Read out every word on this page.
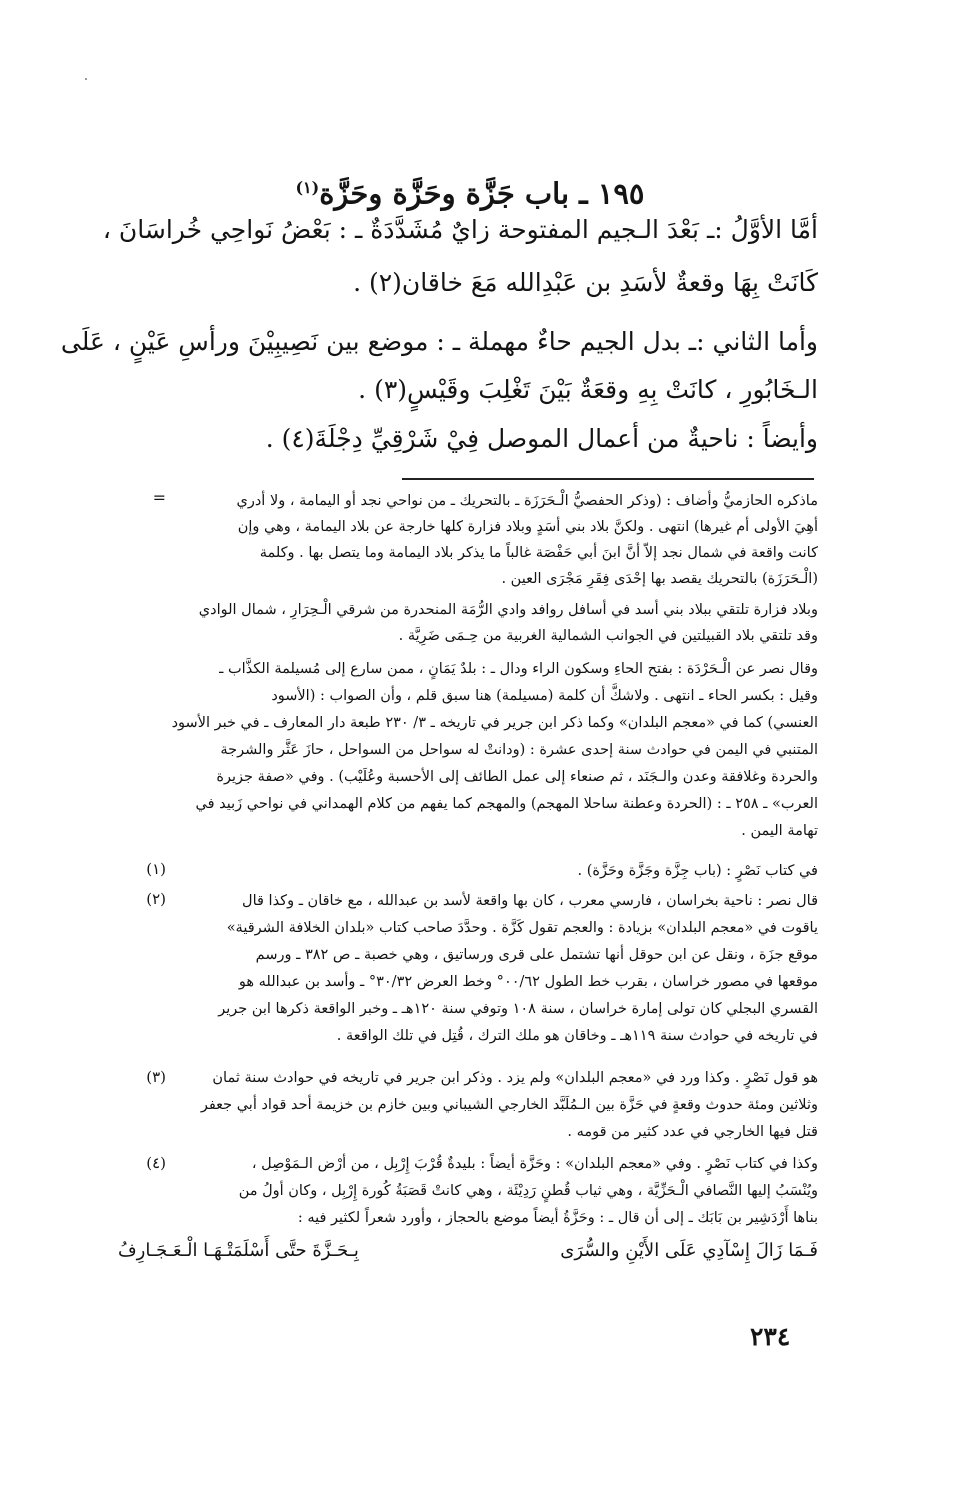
١٩٥ ـ باب جَزَّة وحَزَّة وحَزَّة$^{(١)}$
أمَّا الأوَّلُ :ـ بَعْدَ الـجيم المفتوحة زايٌ مُشَدَّدَةٌ ـ : بَعْضُ نَواحِي خُراسَانَ ،
كَانَتْ بِهَا وقعةٌ لأسَدِ بن عَبْدِالله مَعَ خاقان(٢) .
وأما الثاني :ـ بدل الجيم حاءٌ مهملة ـ : موضع بين نَصِيبِيْنَ ورأسِ عَيْنٍ ، عَلَى
الـخَابُورِ ، كانَتْ بِهِ وقعَةٌ بَيْنَ تَغْلِبَ وقَيْسٍ(٣) .
وأيضاً : ناحيةٌ من أعمال الموصل فِيْ شَرْقِيِّ دِجْلَةَ(٤) .
=	ماذكره الحازميُّ وأضاف : (وذكر الحفصيُّ الْـحَرَزَة ـ بالتحريك ـ من نواحي نجد أو اليمامة ، ولا أدري
أهِيَ الأولى أم غيرها) انتهى . ولكنَّ بلاد بني أسَدٍ وبلاد فزارة كلها خارجة عن بلاد اليمامة ، وهي وإن
كانت واقعة في شمال نجد إلاّ أنَّ ابنَ أبي حَفْصَة غالباً ما يذكر بلاد اليمامة وما يتصل بها . وكلمة
(الْـحَرَزَة) بالتحريك يقصد بها إحْدَى فِقَرِ مَجْرَى العين .
وبلاد فزارة تلتقي ببلاد بني أسد في أسافل روافد وادي الرُّمَة المنحدرة من شرقي الْـحِرَارِ ، شمال الوادي
وقد تلتقي بلاد القبيلتين في الجوانب الشمالية الغربية من حِـمَى ضَرِيَّة .
وقال نصر عن الْـحَرْدَة : بفتح الحاءِ وسكون الراء ودال ـ : بلدٌ يَمَانٍ ، ممن سارع إلى مُسيلمة الكذَّاب ـ
وقيل : بكسر الحاء ـ انتهى . ولاشكَّ أن كلمة (مسيلمة) هنا سبق قلم ، وأن الصواب : (الأسود
العنسي) كما في «معجم البلدان» وكما ذكر ابن جرير في تاريخه ـ ٣/ ٢٣٠ طبعة دار المعارف ـ في خبر الأسود
المتنبي في اليمن في حوادث سنة إحدى عشرة : (ودانتْ له سواحل من السواحل ، حازَ عَثَّر والشرجة
والحردة وغلافقة وعدن والـجَنَد ، ثم صنعاء إلى عمل الطائف إلى الأحسبة وعُلَيْب) . وفي «صفة جزيرة
العرب» ـ ٢٥٨ ـ : (الحردة وعطنة ساحلا المهجم) والمهجم كما يفهم من كلام الهمداني في نواحي زَبيد في
تهامة اليمن .
(١)	في كتاب نَصْرٍ : (باب جِزَّة وجَزَّة وحَزَّة) .
(٢)	قال نصر : ناحية بخراسان ، فارسي معرب ، كان بها واقعة لأسد بن عبدالله ، مع خاقان ـ وكذا قال
ياقوت في «معجم البلدان» بزيادة : والعجم تقول كَزَّة . وحدَّدَ صاحب كتاب «بلدان الخلافة الشرقية»
موقع جزَة ، ونقل عن ابن حوقل أنها تشتمل على قرى ورساتيق ، وهي خصبة ـ ص ٣٨٢ ـ ورسم
موقعها في مصور خراسان ، بقرب خط الطول ٠٠/٦٢° وخط العرض ٣٠/٣٢° ـ وأسد بن عبدالله هو
القسري البجلي كان تولى إمارة خراسان ، سنة ١٠٨ وتوفي سنة ١٢٠هـ ـ وخبر الواقعة ذكرها ابن جرير
في تاريخه في حوادث سنة ١١٩هـ ـ وخاقان هو ملك الترك ، قُتِل في تلك الواقعة .
(٣)	هو قول نَصْرٍ . وكذا ورد في «معجم البلدان» ولم يزد . وذكر ابن جرير في تاريخه في حوادث سنة ثمان
وثلاثين ومئة حدوث وقعةٍ في حَزَّة بين الـمُلَبَّد الخارجي الشيباني وبين خازم بن خزيمة أحد قواد أبي جعفر
قتل فيها الخارجي في عدد كثير من قومه .
(٤)	وكذا في كتاب نَصْرٍ . وفي «معجم البلدان» : وحَزَّة أيضاً : بليدةٌ قُرْبَ إِرْبِل ، من أرْض الـمَوْصِل ،
ويُنْسَبُ إليها النَّصافي الْـحَزِّيَّة ، وهي ثياب قُطنٍ رَدِيْئَة ، وهي كانتْ قَصَبَةُ كُورة إِرْبِل ، وكان أولُ من
بناها أَرْدَشِير بن بَابَك ـ إلى أن قال ـ : وحَزَّةُ أيضاً موضع بالحجاز ، وأورد شعراً لكثير فيه :
فَـمَا زَالَ إِسْآدِي عَلَى الأَيْنِ والسُّرَى
بِـحَـزَّةَ حتَّى أَسْلَمَتْـهَـا الْـعَـجَـارِفُ
٢٣٤
